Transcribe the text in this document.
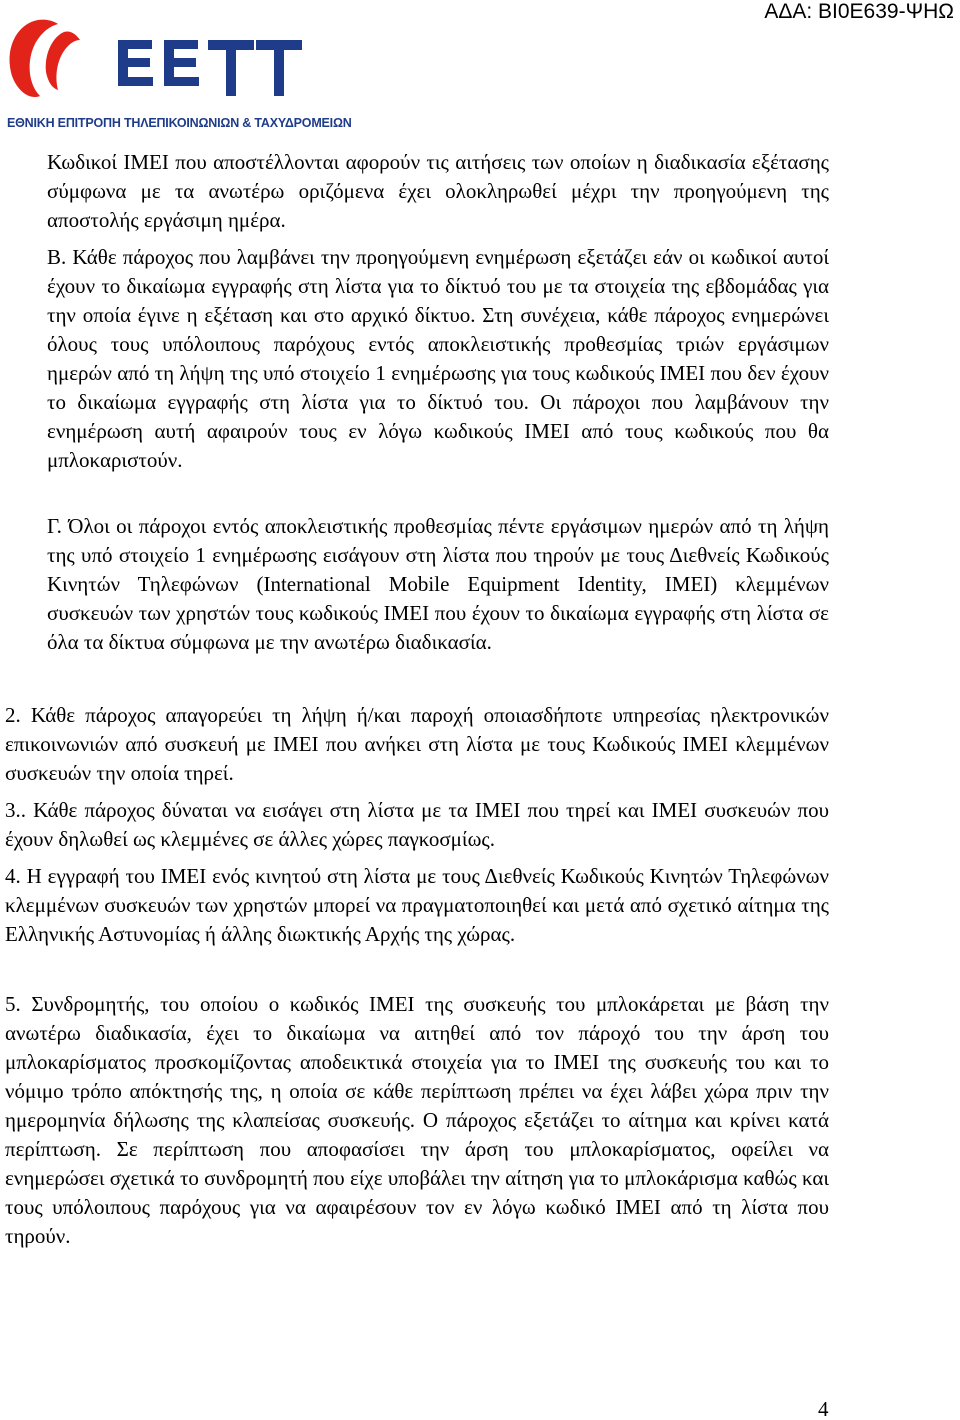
ΑΔΑ: ΒΙ0Ε639-ΨΗΩ
ΕΘΝΙΚΗ ΕΠΙΤΡΟΠΗ ΤΗΛΕΠΙΚΟΙΝΩΝΙΩΝ & ΤΑΧΥΔΡΟΜΕΙΩΝ

Κωδικοί ΙΜΕΙ που αποστέλλονται αφορούν τις αιτήσεις των οποίων η διαδικασία εξέτασης σύμφωνα με τα ανωτέρω οριζόμενα έχει ολοκληρωθεί μέχρι την προηγούμενη της αποστολής εργάσιμη ημέρα.

Β. Κάθε πάροχος που λαμβάνει την προηγούμενη ενημέρωση εξετάζει εάν οι κωδικοί αυτοί έχουν το δικαίωμα εγγραφής στη λίστα για το δίκτυό του με τα στοιχεία της εβδομάδας για την οποία έγινε η εξέταση και στο αρχικό δίκτυο. Στη συνέχεια, κάθε πάροχος ενημερώνει όλους τους υπόλοιπους παρόχους εντός αποκλειστικής προθεσμίας τριών εργάσιμων ημερών από τη λήψη της υπό στοιχείο 1 ενημέρωσης για τους κωδικούς ΙΜΕΙ που δεν έχουν το δικαίωμα εγγραφής στη λίστα για το δίκτυό του. Οι πάροχοι που λαμβάνουν την ενημέρωση αυτή αφαιρούν τους εν λόγω κωδικούς ΙΜΕΙ από τους κωδικούς που θα μπλοκαριστούν.

Γ. Όλοι οι πάροχοι εντός αποκλειστικής προθεσμίας πέντε εργάσιμων ημερών από τη λήψη της υπό στοιχείο 1 ενημέρωσης εισάγουν στη λίστα που τηρούν με τους Διεθνείς Κωδικούς Κινητών Τηλεφώνων (International Mobile Equipment Identity, IMEI) κλεμμένων συσκευών των χρηστών τους κωδικούς ΙΜΕΙ που έχουν το δικαίωμα εγγραφής στη λίστα σε όλα τα δίκτυα σύμφωνα με την ανωτέρω διαδικασία.

2. Κάθε πάροχος απαγορεύει τη λήψη ή/και παροχή οποιασδήποτε υπηρεσίας ηλεκτρονικών επικοινωνιών από συσκευή με ΙΜΕΙ που ανήκει στη λίστα με τους Κωδικούς ΙΜΕΙ κλεμμένων συσκευών την οποία τηρεί.

3.. Κάθε πάροχος δύναται να εισάγει στη λίστα με τα ΙΜΕΙ που τηρεί και ΙΜΕΙ συσκευών που έχουν δηλωθεί ως κλεμμένες σε άλλες χώρες παγκοσμίως.

4. Η εγγραφή του ΙΜΕΙ ενός κινητού στη λίστα με τους Διεθνείς Κωδικούς Κινητών Τηλεφώνων κλεμμένων συσκευών των χρηστών μπορεί να πραγματοποιηθεί και μετά από σχετικό αίτημα της Ελληνικής Αστυνομίας ή άλλης διωκτικής Αρχής της χώρας.

5. Συνδρομητής, του οποίου ο κωδικός ΙΜΕΙ της συσκευής του μπλοκάρεται με βάση την ανωτέρω διαδικασία, έχει το δικαίωμα να αιτηθεί από τον πάροχό του την άρση του μπλοκαρίσματος προσκομίζοντας αποδεικτικά στοιχεία για το ΙΜΕΙ της συσκευής του και το νόμιμο τρόπο απόκτησής της, η οποία σε κάθε περίπτωση πρέπει να έχει λάβει χώρα πριν την ημερομηνία δήλωσης της κλαπείσας συσκευής. Ο πάροχος εξετάζει το αίτημα και κρίνει κατά περίπτωση. Σε περίπτωση που αποφασίσει την άρση του μπλοκαρίσματος, οφείλει να ενημερώσει σχετικά το συνδρομητή που είχε υποβάλει την αίτηση για το μπλοκάρισμα καθώς και τους υπόλοιπους παρόχους για να αφαιρέσουν τον εν λόγω κωδικό ΙΜΕΙ από τη λίστα που τηρούν.

4
